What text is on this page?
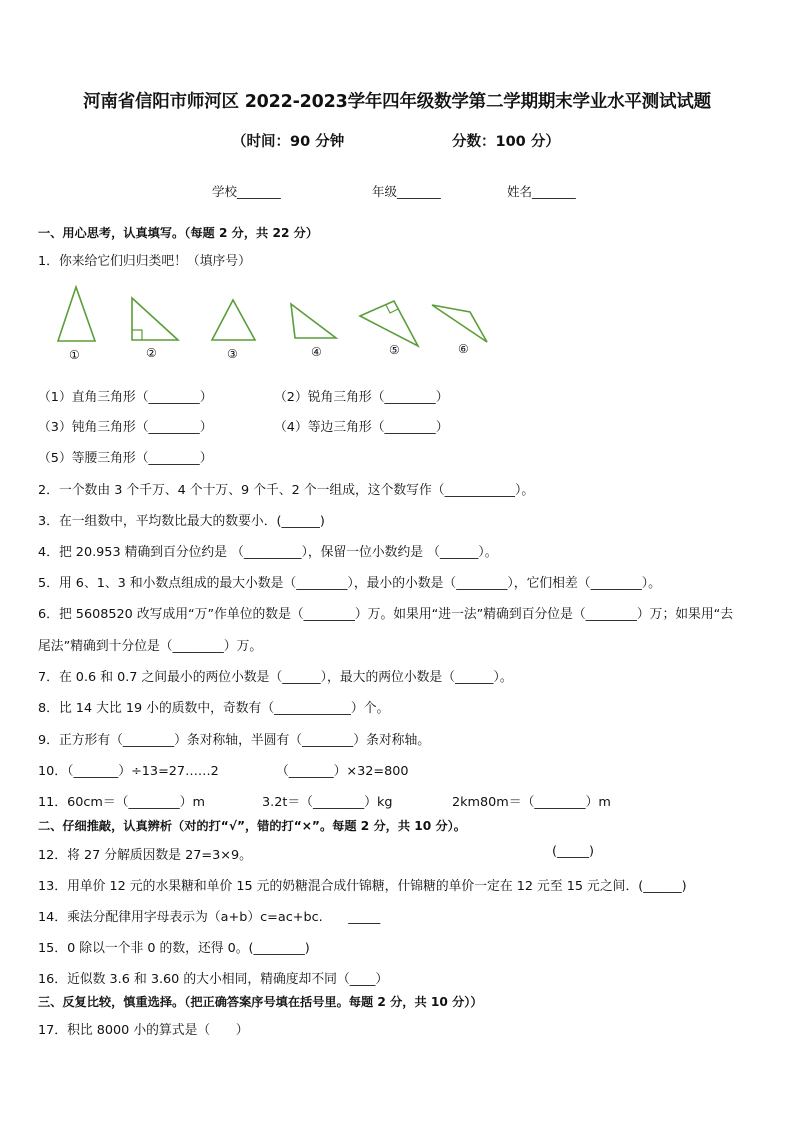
河南省信阳市师河区 2022-2023学年四年级数学第二学期期末学业水平测试试题
（时间：90 分钟	分数：100 分）
学校_______	年级_______	姓名_______
一、用心思考，认真填写。（每题 2 分，共 22 分）
1．你来给它们归归类吧！（填序号）
①	②	③	④	⑤	⑥
（1）直角三角形（________）	（2）锐角三角形（________）
（3）钝角三角形（________）	（4）等边三角形（________）
（5）等腰三角形（________）
2．一个数由 3 个千万、4 个十万、9 个千、2 个一组成，这个数写作（___________）。
3．在一组数中，平均数比最大的数要小．(______)
4．把 20.953 精确到百分位约是 （_________），保留一位小数约是 （______）。
5．用 6、1、3 和小数点组成的最大小数是（________），最小的小数是（________），它们相差（________）。
6．把 5608520 改写成用“万”作单位的数是（________）万。如果用“进一法”精确到百分位是（________）万；如果用“去
尾法”精确到十分位是（________）万。
7．在 0.6 和 0.7 之间最小的两位小数是（______），最大的两位小数是（______）。
8．比 14 大比 19 小的质数中，奇数有（____________）个。
9．正方形有（________）条对称轴，半圆有（________）条对称轴。
10．（_______）÷13=27……2	（_______）×32=800
11．60cm＝（________）m	3.2t＝（________）kg	2km80m＝（________）m
二、仔细推敲，认真辨析（对的打“√”，错的打“×”。每题 2 分，共 10 分）。
12．将 27 分解质因数是 27=3×9。	(_____)
13．用单价 12 元的水果糖和单价 15 元的奶糖混合成什锦糖，什锦糖的单价一定在 12 元至 15 元之间．(______)
14．乘法分配律用字母表示为（a+b）c=ac+bc.　　_____
15．0 除以一个非 0 的数，还得 0。(________)
16．近似数 3.6 和 3.60 的大小相同，精确度却不同（____）
三、反复比较，慎重选择。（把正确答案序号填在括号里。每题 2 分，共 10 分））
17．积比 8000 小的算式是（　　）
